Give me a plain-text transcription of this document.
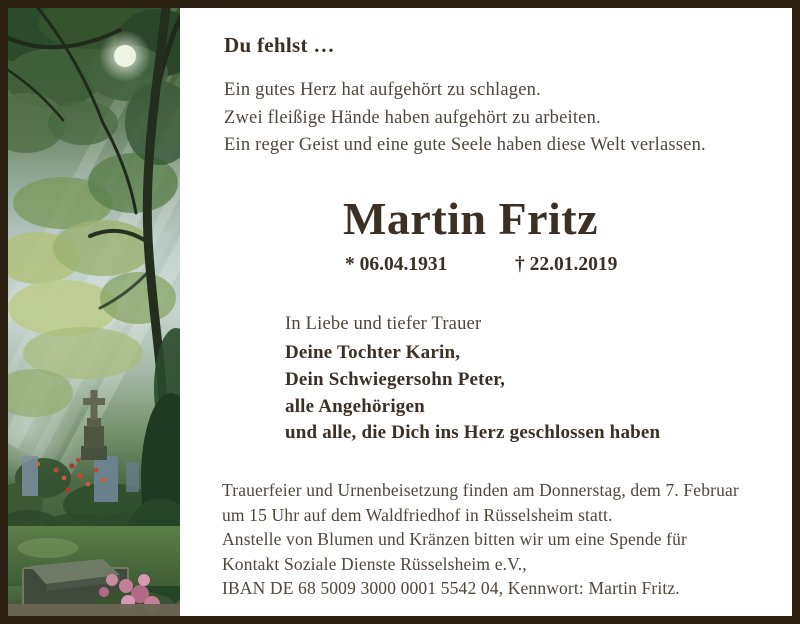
Du fehlst …
Ein gutes Herz hat aufgehört zu schlagen.
Zwei fleißige Hände haben aufgehört zu arbeiten.
Ein reger Geist und eine gute Seele haben diese Welt verlassen.
Martin Fritz
* 06.04.1931	† 22.01.2019
In Liebe und tiefer Trauer
Deine Tochter Karin,
Dein Schwiegersohn Peter,
alle Angehörigen
und alle, die Dich ins Herz geschlossen haben
Trauerfeier und Urnenbeisetzung finden am Donnerstag, dem 7. Februar
um 15 Uhr auf dem Waldfriedhof in Rüsselsheim statt.
Anstelle von Blumen und Kränzen bitten wir um eine Spende für
Kontakt Soziale Dienste Rüsselsheim e.V.,
IBAN DE 68 5009 3000 0001 5542 04, Kennwort: Martin Fritz.
